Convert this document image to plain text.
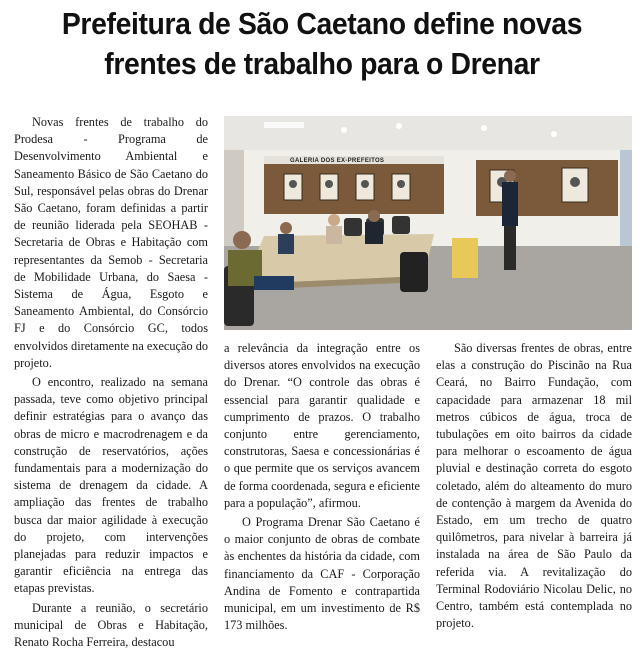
Prefeitura de São Caetano define novas
frentes de trabalho para o Drenar

Novas frentes de trabalho do Prodesa - Programa de Desenvolvimento Ambiental e Saneamento Básico de São Caetano do Sul, responsável pelas obras do Drenar São Caetano, foram definidas a partir de reunião liderada pela SEOHAB - Secretaria de Obras e Habitação com representantes da Semob - Secretaria de Mobilidade Urbana, do Saesa - Sistema de Água, Esgoto e Saneamento Ambiental, do Consórcio FJ e do Consórcio GC, todos envolvidos diretamente na execução do projeto.

O encontro, realizado na semana passada, teve como objetivo principal definir estratégias para o avanço das obras de micro e macrodrenagem e da construção de reservatórios, ações fundamentais para a modernização do sistema de drenagem da cidade. A ampliação das frentes de trabalho busca dar maior agilidade à execução do projeto, com intervenções planejadas para reduzir impactos e garantir eficiência na entrega das etapas previstas.

Durante a reunião, o secretário municipal de Obras e Habitação, Renato Rocha Ferreira, destacou

GALERIA DOS EX-PREFEITOS

a relevância da integração entre os diversos atores envolvidos na execução do Drenar. “O controle das obras é essencial para garantir qualidade e cumprimento de prazos. O trabalho conjunto entre gerenciamento, construtoras, Saesa e concessionárias é o que permite que os serviços avancem de forma coordenada, segura e eficiente para a população”, afirmou.

O Programa Drenar São Caetano é o maior conjunto de obras de combate às enchentes da história da cidade, com financiamento da CAF - Corporação Andina de Fomento e contrapartida municipal, em um investimento de R$ 173 milhões.

São diversas frentes de obras, entre elas a construção do Piscinão na Rua Ceará, no Bairro Fundação, com capacidade para armazenar 18 mil metros cúbicos de água, troca de tubulações em oito bairros da cidade para melhorar o escoamento de água pluvial e destinação correta do esgoto coletado, além do alteamento do muro de contenção à margem da Avenida do Estado, em um trecho de quatro quilômetros, para nivelar à barreira já instalada na área de São Paulo da referida via. A revitalização do Terminal Rodoviário Nicolau Delic, no Centro, também está contemplada no projeto.
